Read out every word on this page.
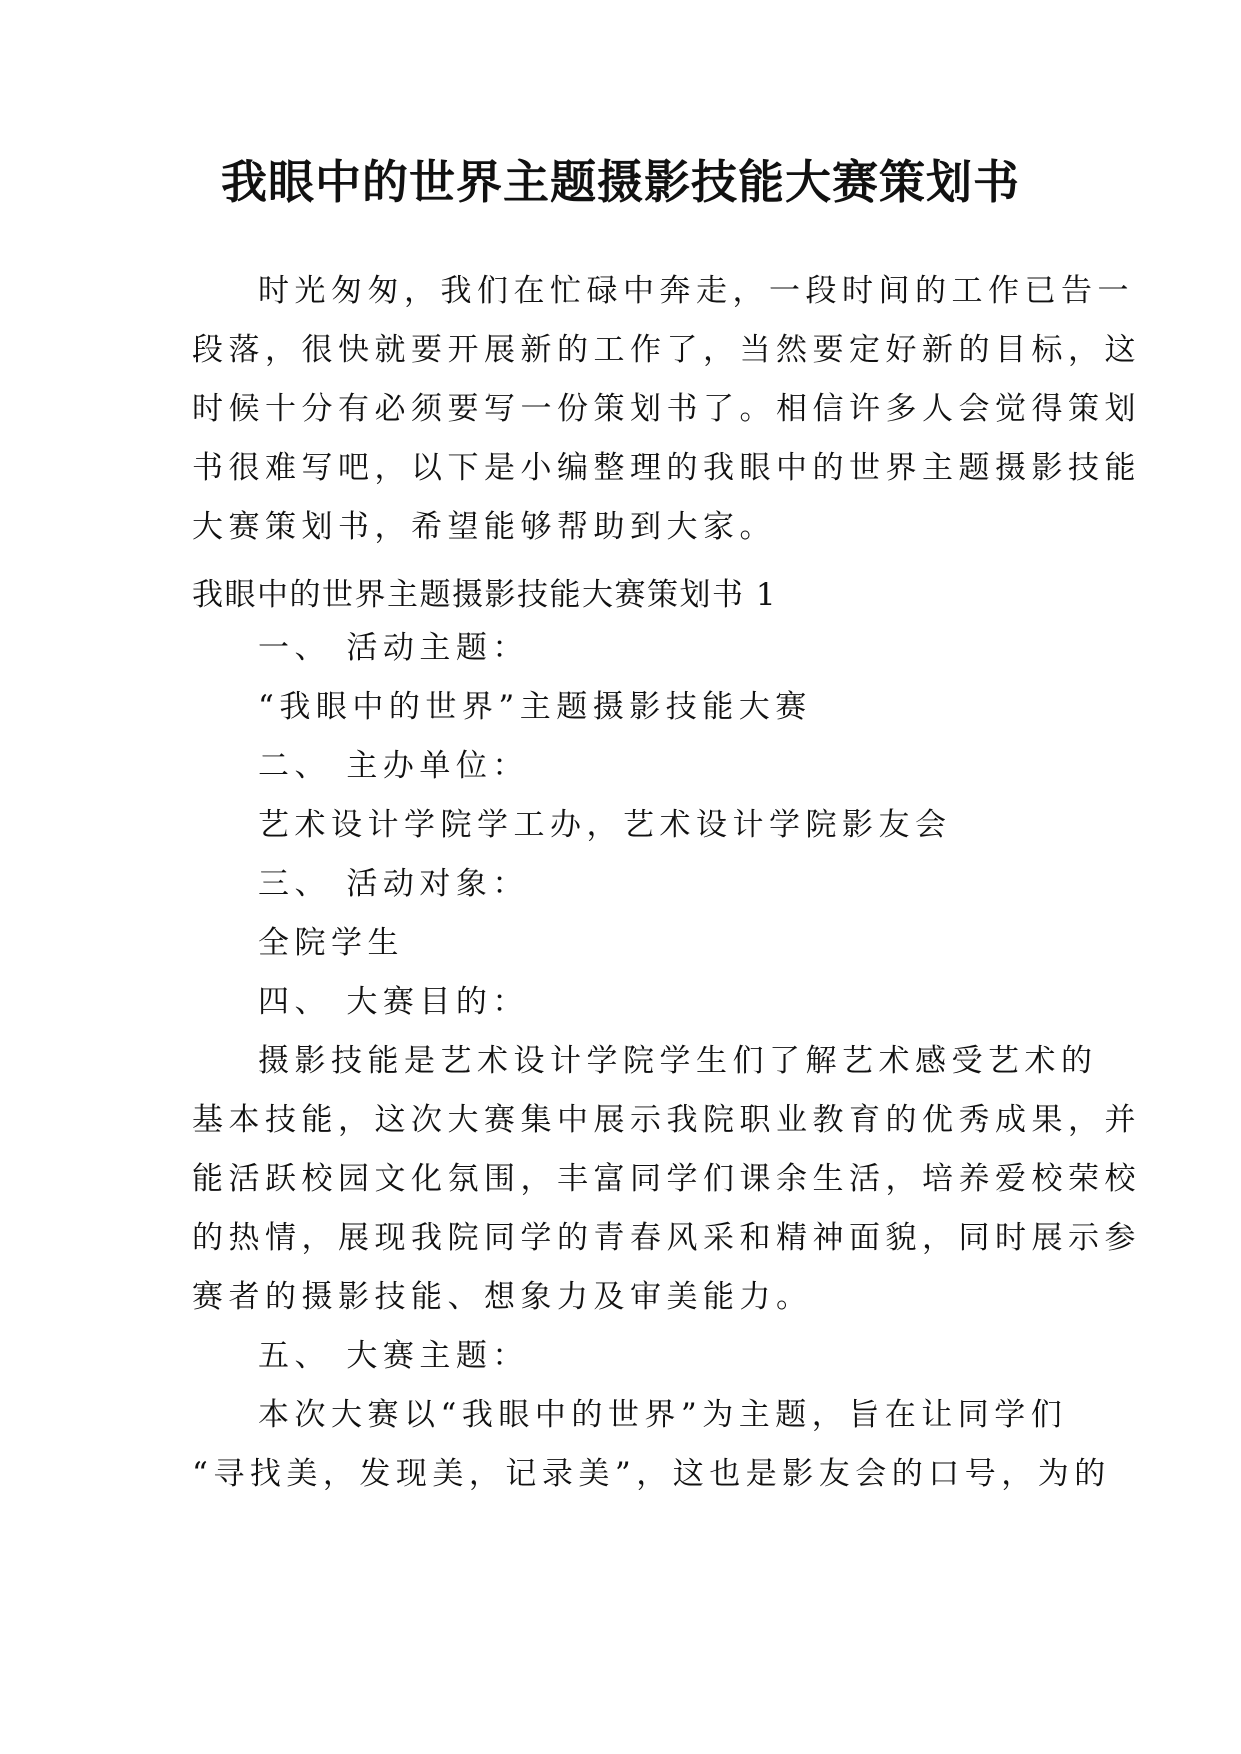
我眼中的世界主题摄影技能大赛策划书
时光匆匆，我们在忙碌中奔走，一段时间的工作已告一
段落，很快就要开展新的工作了，当然要定好新的目标，这
时候十分有必须要写一份策划书了。相信许多人会觉得策划
书很难写吧，以下是小编整理的我眼中的世界主题摄影技能
大赛策划书，希望能够帮助到大家。
我眼中的世界主题摄影技能大赛策划书 1
一、 活动主题：
“我眼中的世界”主题摄影技能大赛
二、 主办单位：
艺术设计学院学工办，艺术设计学院影友会
三、 活动对象：
全院学生
四、 大赛目的：
摄影技能是艺术设计学院学生们了解艺术感受艺术的
基本技能，这次大赛集中展示我院职业教育的优秀成果，并
能活跃校园文化氛围，丰富同学们课余生活，培养爱校荣校
的热情，展现我院同学的青春风采和精神面貌，同时展示参
赛者的摄影技能、想象力及审美能力。
五、 大赛主题：
本次大赛以“我眼中的世界”为主题，旨在让同学们
“寻找美，发现美，记录美”，这也是影友会的口号，为的
